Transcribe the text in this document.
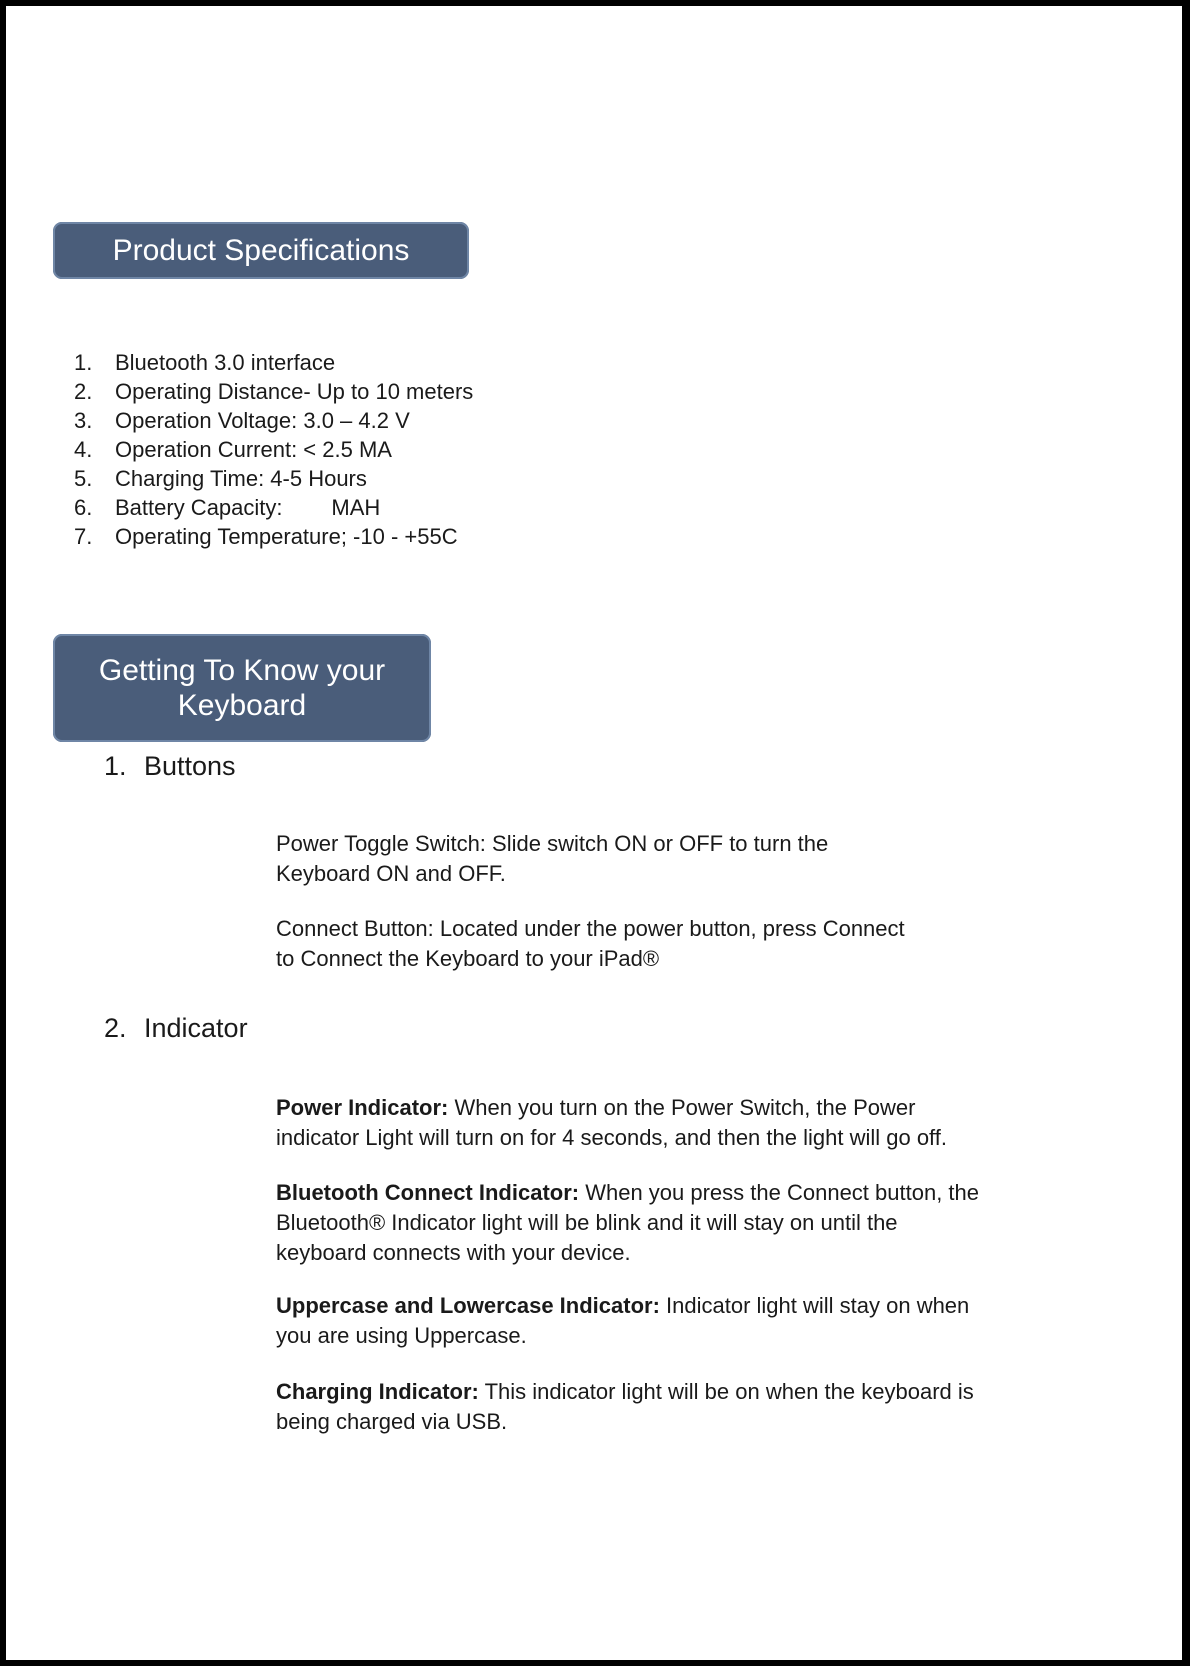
Product Specifications
1.	Bluetooth 3.0 interface
2.	Operating Distance- Up to 10 meters
3.	Operation Voltage: 3.0 – 4.2 V
4.	Operation Current: < 2.5 MA
5.	Charging Time: 4-5 Hours
6.	Battery Capacity:        MAH
7.	Operating Temperature; -10 - +55C
Getting To Know your
Keyboard
1. Buttons

Power Toggle Switch: Slide switch ON or OFF to turn the
Keyboard ON and OFF.

Connect Button: Located under the power button, press Connect
to Connect the Keyboard to your iPad®

2. Indicator

Power Indicator: When you turn on the Power Switch, the Power
indicator Light will turn on for 4 seconds, and then the light will go off.

Bluetooth Connect Indicator: When you press the Connect button, the
Bluetooth® Indicator light will be blink and it will stay on until the
keyboard connects with your device.

Uppercase and Lowercase Indicator: Indicator light will stay on when
you are using Uppercase.

Charging Indicator: This indicator light will be on when the keyboard is
being charged via USB.
